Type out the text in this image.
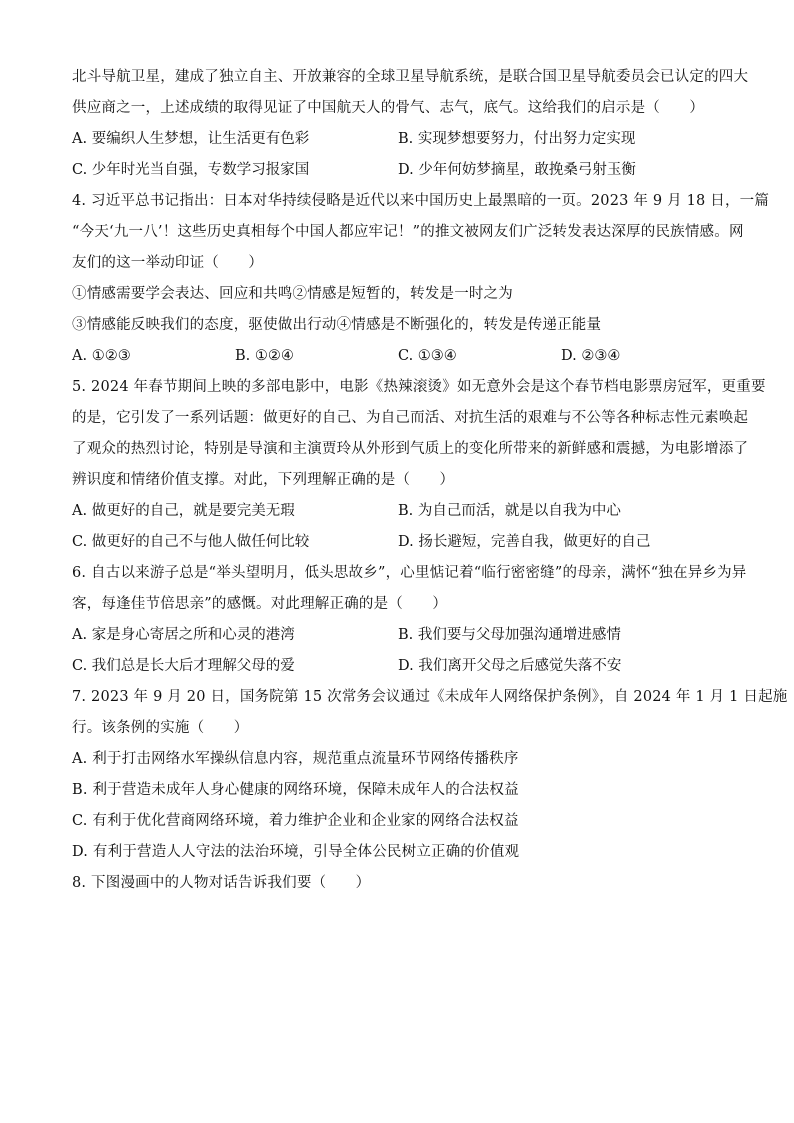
北斗导航卫星，建成了独立自主、开放兼容的全球卫星导航系统，是联合国卫星导航委员会已认定的四大
供应商之一，上述成绩的取得见证了中国航天人的骨气、志气，底气。这给我们的启示是（　　）
A. 要编织人生梦想，让生活更有色彩	B. 实现梦想要努力，付出努力定实现
C. 少年时光当自强，专数学习报家国	D. 少年何妨梦摘星，敢挽桑弓射玉衡
4. 习近平总书记指出：日本对华持续侵略是近代以来中国历史上最黑暗的一页。2023 年 9 月 18 日，一篇
“今天‘九一八’！这些历史真相每个中国人都应牢记！”的推文被网友们广泛转发表达深厚的民族情感。网
友们的这一举动印证（　　）
①情感需要学会表达、回应和共鸣②情感是短暂的，转发是一时之为
③情感能反映我们的态度，驱使做出行动④情感是不断强化的，转发是传递正能量
A. ①②③	B. ①②④	C. ①③④	D. ②③④
5. 2024 年春节期间上映的多部电影中，电影《热辣滚烫》如无意外会是这个春节档电影票房冠军，更重要
的是，它引发了一系列话题：做更好的自己、为自己而活、对抗生活的艰难与不公等各种标志性元素唤起
了观众的热烈讨论，特别是导演和主演贾玲从外形到气质上的变化所带来的新鲜感和震撼，为电影增添了
辨识度和情绪价值支撑。对此，下列理解正确的是（　　）
A. 做更好的自己，就是要完美无瑕	B. 为自己而活，就是以自我为中心
C. 做更好的自己不与他人做任何比较	D. 扬长避短，完善自我，做更好的自己
6. 自古以来游子总是“举头望明月，低头思故乡”，心里惦记着“临行密密缝”的母亲，满怀“独在异乡为异
客，每逢佳节倍思亲”的感慨。对此理解正确的是（　　）
A. 家是身心寄居之所和心灵的港湾	B. 我们要与父母加强沟通增进感情
C. 我们总是长大后才理解父母的爱	D. 我们离开父母之后感觉失落不安
7. 2023 年 9 月 20 日，国务院第 15 次常务会议通过《未成年人网络保护条例》，自 2024 年 1 月 1 日起施
行。该条例的实施（　　）
A. 利于打击网络水军操纵信息内容，规范重点流量环节网络传播秩序
B. 利于营造未成年人身心健康的网络环境，保障未成年人的合法权益
C. 有利于优化营商网络环境，着力维护企业和企业家的网络合法权益
D. 有利于营造人人守法的法治环境，引导全体公民树立正确的价值观
8. 下图漫画中的人物对话告诉我们要（　　）
